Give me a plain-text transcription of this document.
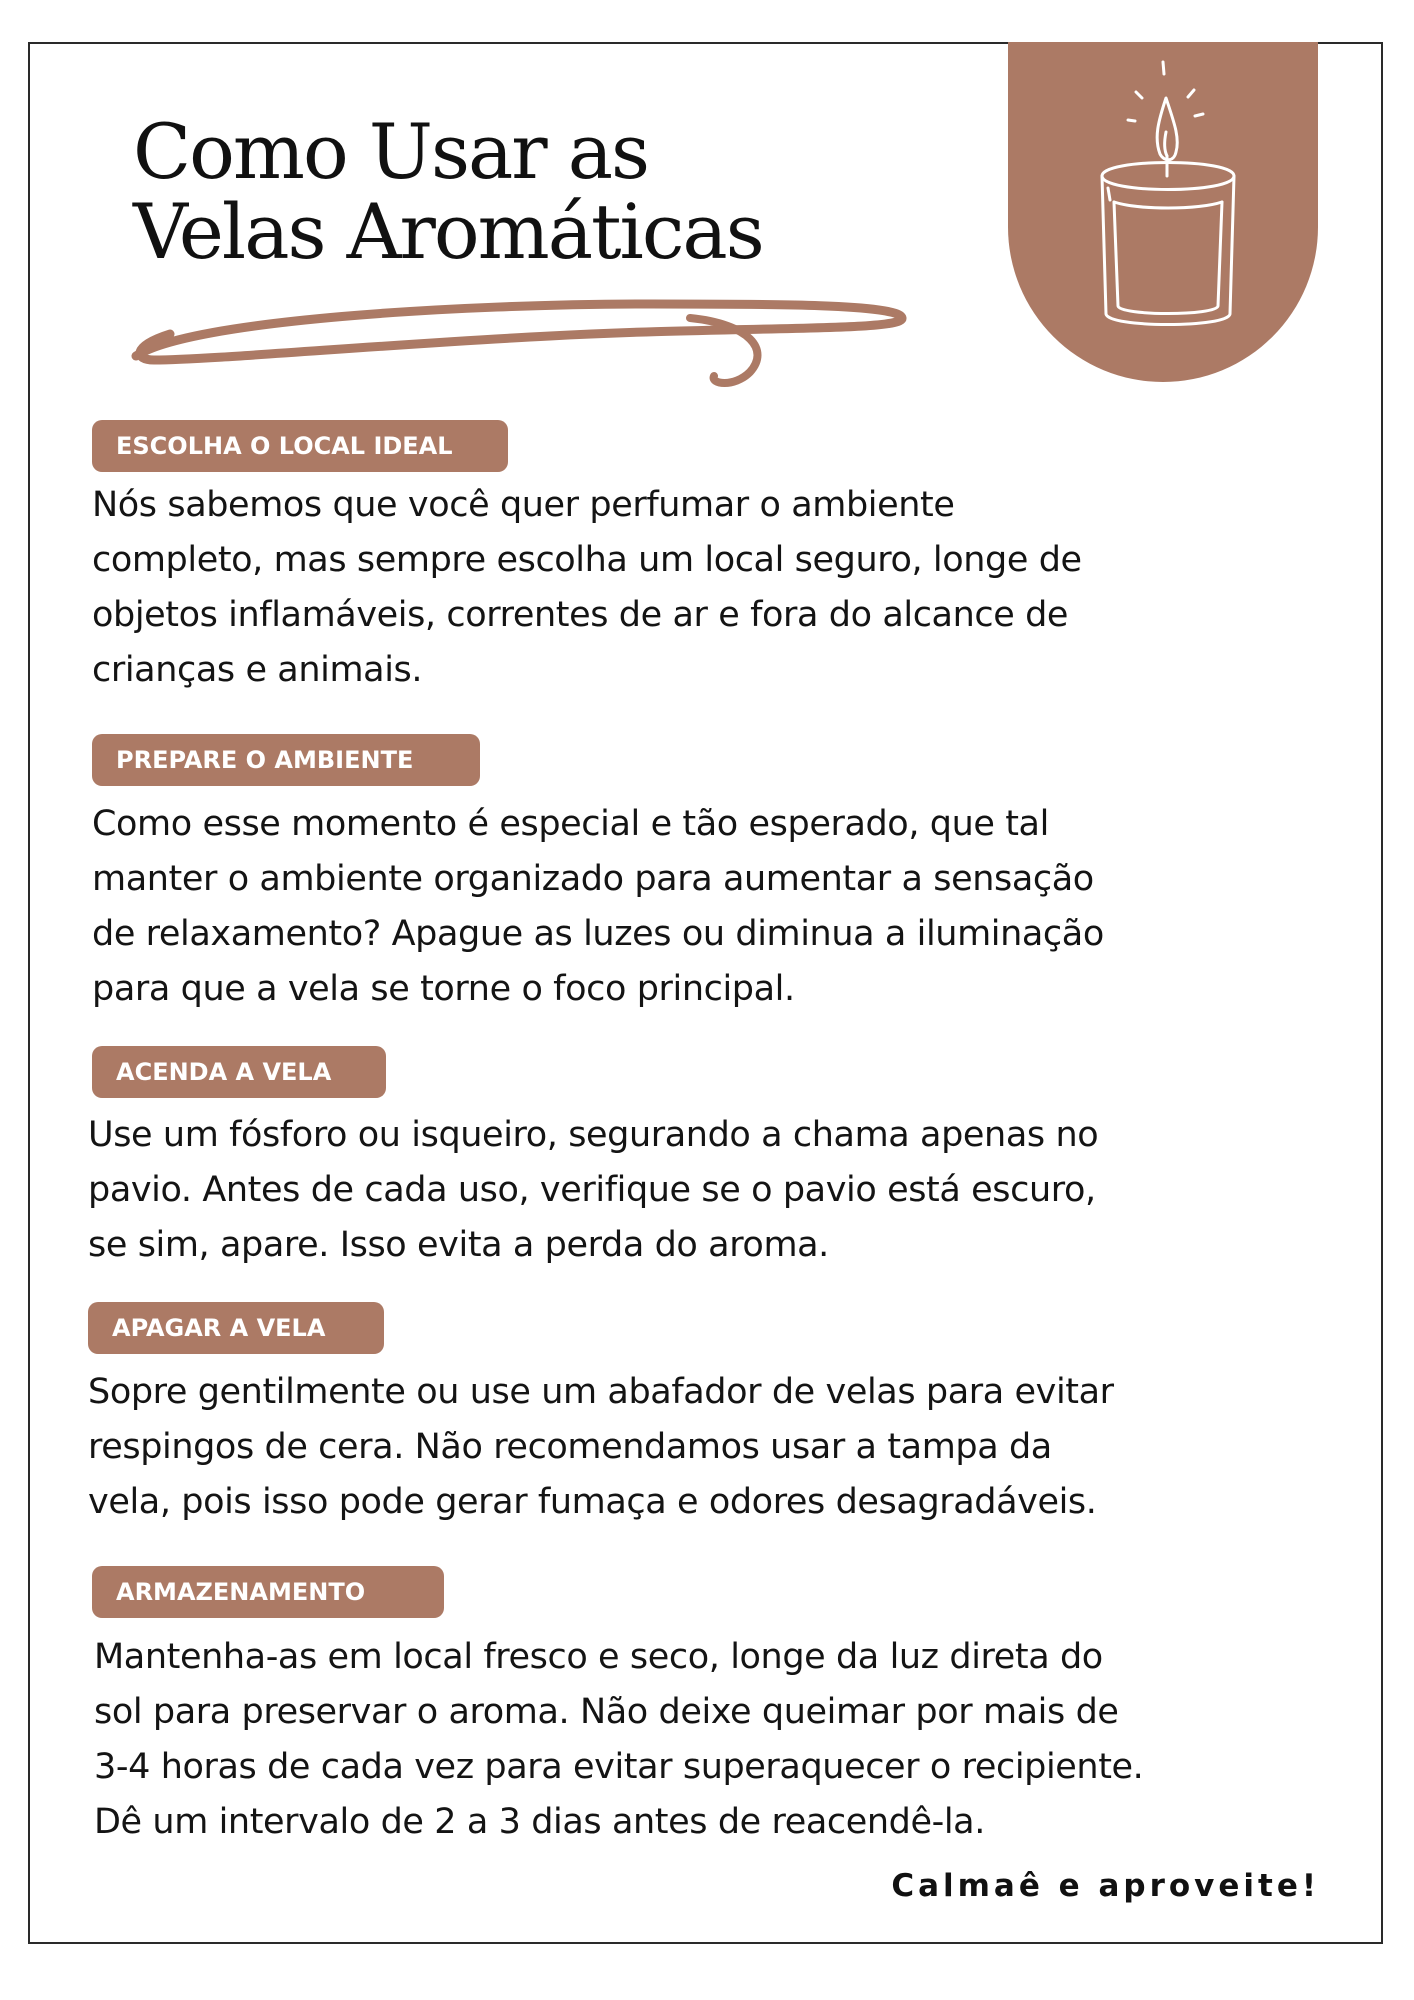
Como Usar as
Velas Aromáticas
ESCOLHA O LOCAL IDEAL

Nós sabemos que você quer perfumar o ambiente
completo, mas sempre escolha um local seguro, longe de
objetos inflamáveis, correntes de ar e fora do alcance de
crianças e animais.

PREPARE O AMBIENTE

Como esse momento é especial e tão esperado, que tal
manter o ambiente organizado para aumentar a sensação
de relaxamento? Apague as luzes ou diminua a iluminação
para que a vela se torne o foco principal.

ACENDA A VELA

Use um fósforo ou isqueiro, segurando a chama apenas no
pavio. Antes de cada uso, verifique se o pavio está escuro,
se sim, apare. Isso evita a perda do aroma.

APAGAR A VELA

Sopre gentilmente ou use um abafador de velas para evitar
respingos de cera. Não recomendamos usar a tampa da
vela, pois isso pode gerar fumaça e odores desagradáveis.

ARMAZENAMENTO

Mantenha-as em local fresco e seco, longe da luz direta do
sol para preservar o aroma. Não deixe queimar por mais de
3-4 horas de cada vez para evitar superaquecer o recipiente.
Dê um intervalo de 2 a 3 dias antes de reacendê-la.

Calmaê e aproveite!
